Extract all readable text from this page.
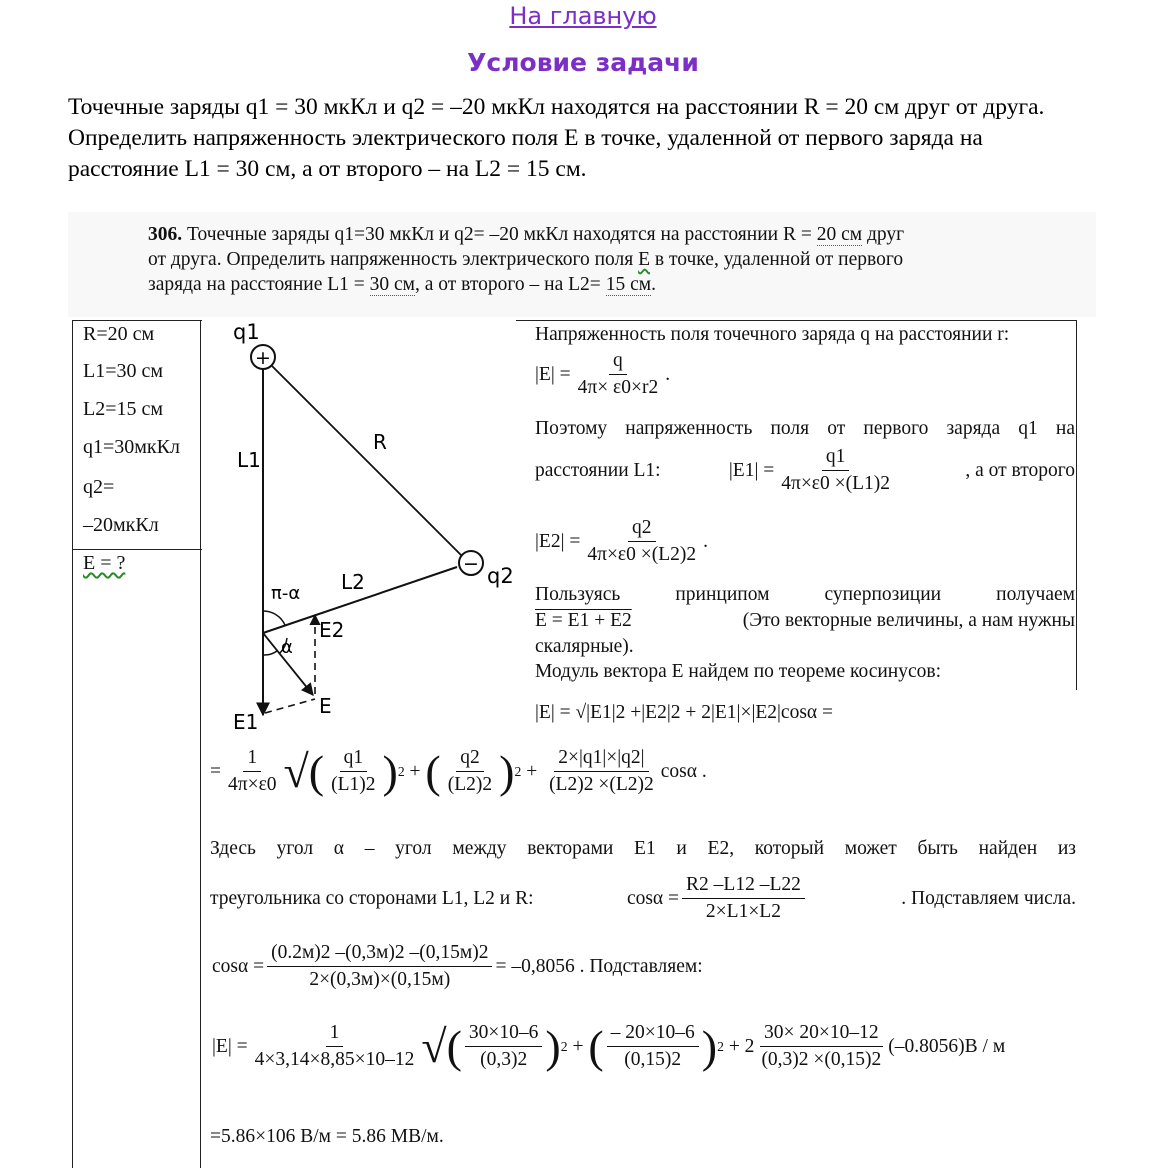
На главную
Условие задачи
Точечные заряды q1 = 30 мкКл и q2 = –20 мкКл находятся на расстоянии R = 20 см друг от друга. Определить напряженность электрического поля E в точке, удаленной от первого заряда на расстояние L1 = 30 см, а от второго – на L2 = 15 см.
306. Точечные заряды q1=30 мкКл и q2= –20 мкКл находятся на расстоянии R = 20 см друг
от друга. Определить напряженность электрического поля E в точке, удаленной от первого
заряда на расстояние L1 = 30 см, а от второго – на L2= 15 см.
R=20 см
L1=30 см
L2=15 см
q1=30мкКл
q2=
–20мкКл
E = ?
+
−
q1
q2
L1
R
L2
π-α
α
E2
E1
E
Напряженность поля точечного заряда q на расстоянии r:
$|E| = \frac{q}{4\pi\times \varepsilon 0\times r2}$ .
Поэтому напряженность поля от первого заряда q1 на
расстоянии L1:	$|E1| = \frac{q1}{4\pi\times\varepsilon 0 \times(L1)2}$	, а от второго
$|E2| = \frac{q2}{4\pi\times\varepsilon 0 \times(L2)2}$ .
Пользуясь принципом суперпозиции получаем
E = E1 + E2	(Это векторные величины, а нам нужны
скалярные).
Модуль вектора E найдем по теореме косинусов:
|E| = √|E1|2 +|E2|2 + 2|E1|×|E2|cosα =
= $\frac{1}{4\pi\times\varepsilon 0}$ √( $\frac{q1}{(L1)2}$ ) 2 + ( $\frac{q2}{(L2)2}$ ) $2 + \frac{2\times|q1|\times|q2|}{(L2)2 \times(L2)2}$ cosα .
Здесь угол α – угол между векторами E1 и E2, который может быть найден из
треугольника со сторонами L1, L2 и R:	$\cos\alpha = \frac{R2 -L12 -L22}{2\times L1\times L2}$	. Подставляем числа.
$\cos\alpha = \frac{(0.2м)2 -(0,3м)2 -(0,15м)2}{2\times(0,3м)\times(0,15м)} = -0,8056$ . Подставляем:
$|E| = \frac{1}{4\times 3,14\times 8,85\times 10-12}$ √( $\frac{30\times 10-6}{(0,3)2}$ ) 2 + ( $\frac{- 20\times 10-6}{(0,15)2}$ ) 2
+ $2 \frac{30\times 20\times 10-12}{(0,3)2 \times(0,15)2} (-0.8056)В$ / м
=5.86×106 В/м = 5.86 МВ/м.
